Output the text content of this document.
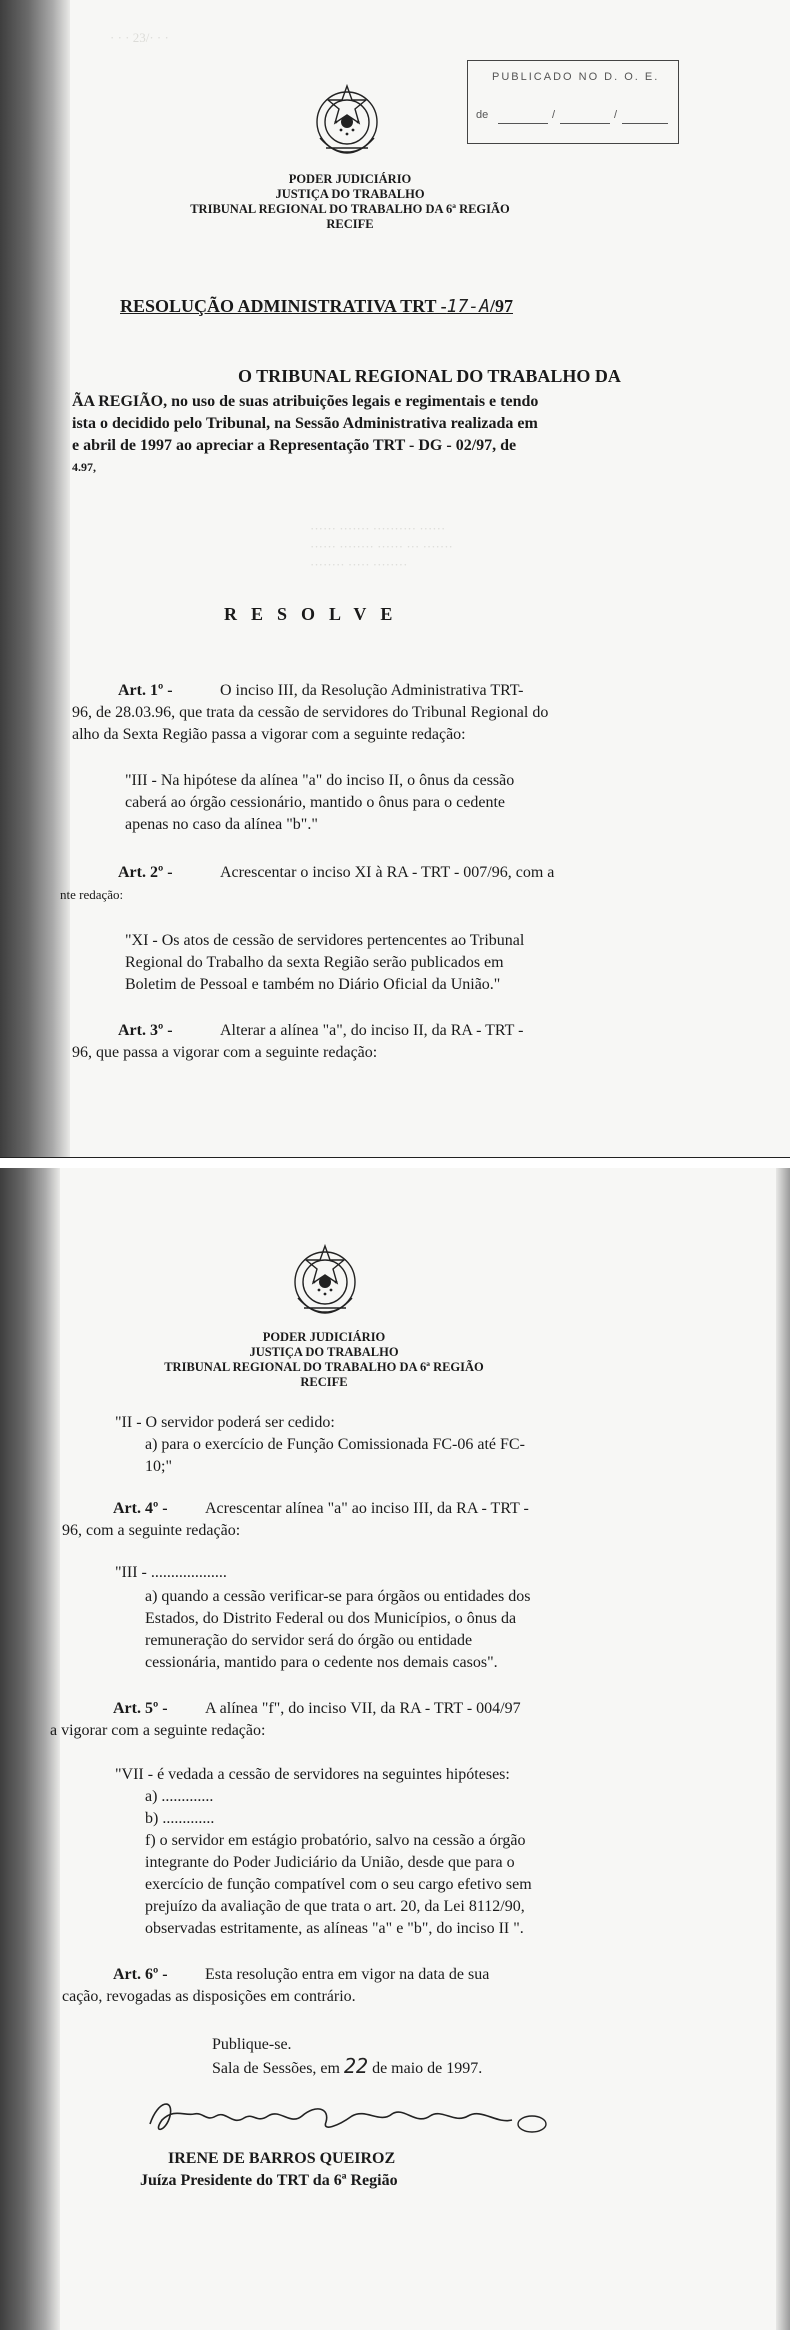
· · · 23/· · ·
PODER JUDICIÁRIO
JUSTIÇA DO TRABALHO
TRIBUNAL REGIONAL DO TRABALHO DA 6ª REGIÃO
RECIFE
PUBLICADO NO D. O. E.
de	/	/
RESOLUÇÃO ADMINISTRATIVA TRT -17-A/97
O TRIBUNAL REGIONAL DO TRABALHO DA
ÃA REGIÃO, no uso de suas atribuições legais e regimentais e tendo
ista o decidido pelo Tribunal, na Sessão Administrativa realizada em
e abril de 1997 ao apreciar a Representação TRT - DG - 02/97, de
4.97,
······ ······· ·········· ······
······ ········ ······ ··· ·······
········ ····· ········
RESOLVE
Art. 1º -	O inciso III, da Resolução Administrativa TRT-
96, de 28.03.96, que trata da cessão de servidores do Tribunal Regional do
alho da Sexta Região passa a vigorar com a seguinte redação:
"III - Na hipótese da alínea "a" do inciso II, o ônus da cessão
caberá ao órgão cessionário, mantido o ônus para o cedente
apenas no caso da alínea "b"."
Art. 2º -	Acrescentar o inciso XI à RA - TRT - 007/96, com a
nte redação:
"XI - Os atos de cessão de servidores pertencentes ao Tribunal
Regional do Trabalho da sexta Região serão publicados em
Boletim de Pessoal e também no Diário Oficial da União."
Art. 3º -	Alterar a alínea "a", do inciso II, da RA - TRT -
96, que passa a vigorar com a seguinte redação:
PODER JUDICIÁRIO
JUSTIÇA DO TRABALHO
TRIBUNAL REGIONAL DO TRABALHO DA 6ª REGIÃO
RECIFE
"II - O servidor poderá ser cedido:
a) para o exercício de Função Comissionada FC-06 até FC-
10;"
Art. 4º - Acrescentar alínea "a" ao inciso III, da RA - TRT -
96, com a seguinte redação:
"III - ...................
a) quando a cessão verificar-se para órgãos ou entidades dos
Estados, do Distrito Federal ou dos Municípios, o ônus da
remuneração do servidor será do órgão ou entidade
cessionária, mantido para o cedente nos demais casos".
Art. 5º - A alínea "f", do inciso VII, da RA - TRT - 004/97
a vigorar com a seguinte redação:
"VII - é vedada a cessão de servidores na seguintes hipóteses:
a) .............
b) .............
f) o servidor em estágio probatório, salvo na cessão a órgão
integrante do Poder Judiciário da União, desde que para o
exercício de função compatível com o seu cargo efetivo sem
prejuízo da avaliação de que trata o art. 20, da Lei 8112/90,
observadas estritamente, as alíneas "a" e "b", do inciso II ".
Art. 6º - Esta resolução entra em vigor na data de sua
cação, revogadas as disposições em contrário.
Publique-se.
Sala de Sessões, em 22 de maio de 1997.
IRENE DE BARROS QUEIROZ
Juíza Presidente do TRT da 6ª Região
